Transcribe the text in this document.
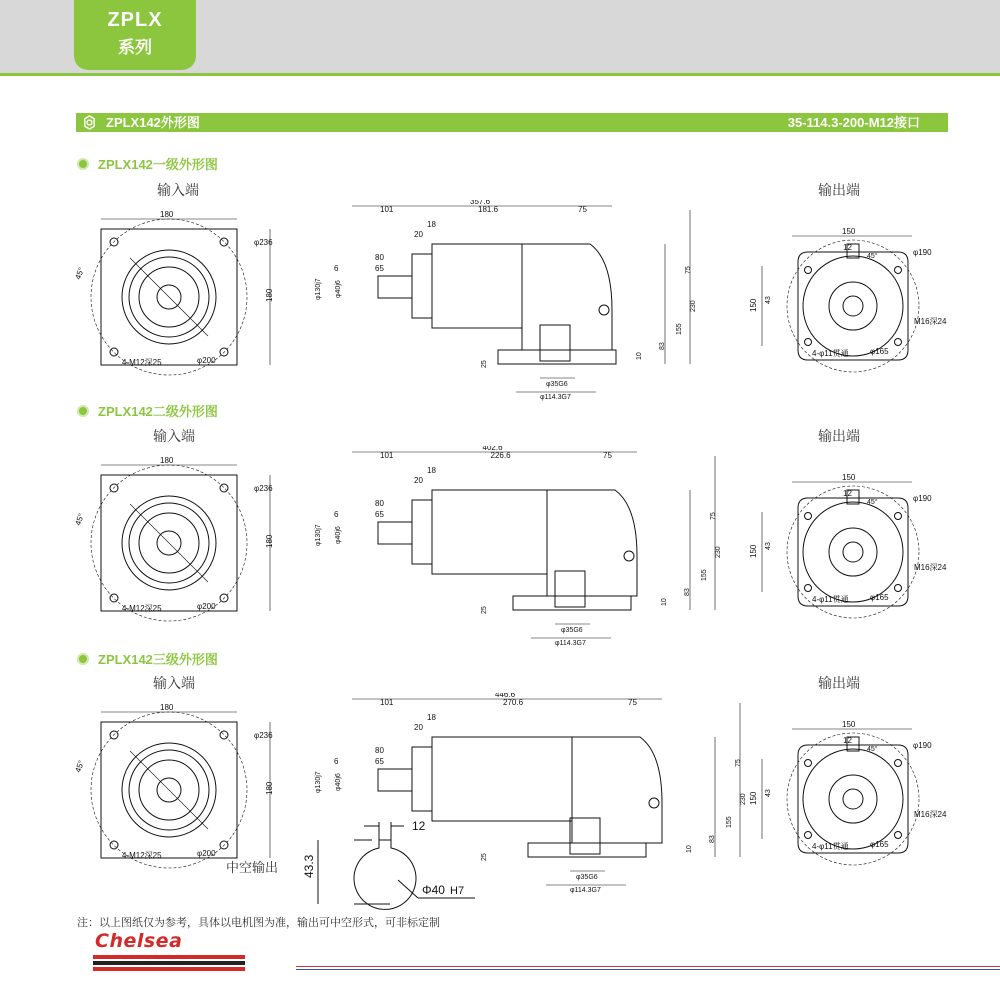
ZPLX
系列
ZPLX142外形图	35-114.3-200-M12接口
ZPLX142一级外形图
输入端	输出端
ZPLX142二级外形图
输入端	输出端
ZPLX142三级外形图
输入端	输出端
中空输出
180
180
φ236
φ200
4-M12深25
45°
357.6
101	181.6	75
18
20
80
65
6
φ130j7 φ40j6
75
230
155
83
10
25
φ35G6
φ114.3G7
150
12
45°	φ190
150 43
M16深24
4-φ11贯通	φ165
180
180
φ236
φ200
4-M12深25
45°
402.6
101	226.6	75
18
20
80
65
6
φ130j7 φ40j6
75
230
155
83
10
25
φ35G6
φ114.3G7
150
12
45°	φ190
150 43
M16深24
4-φ11贯通	φ165
180
180
φ236
φ200
4-M12深25
45°
446.6
101	270.6	75
18
20
80
65
6
φ130j7 φ40j6
75
230
155
83
10
25
φ35G6
φ114.3G7
150
12
45°	φ190
150 43
M16深24
4-φ11贯通	φ165
12
43.3
Φ40 H7
注：以上图纸仅为参考，具体以电机图为准，输出可中空形式，可非标定制
Chelsea
